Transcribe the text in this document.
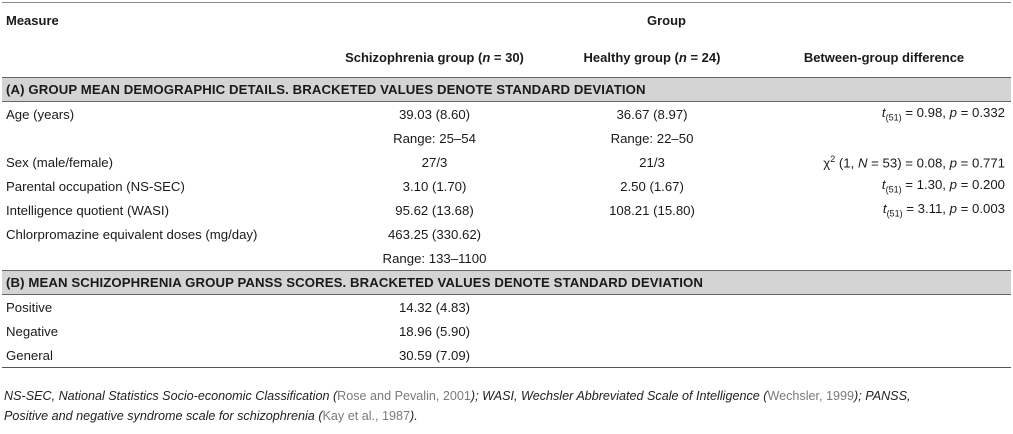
Measure	Group		
	Schizophrenia group (n = 30)	Healthy group (n = 24)	Between-group difference
(A) GROUP MEAN DEMOGRAPHIC DETAILS. BRACKETED VALUES DENOTE STANDARD DEVIATION			
Age (years)	39.03 (8.60)	36.67 (8.97)	$t_{(51)} = 0.98$, p = 0.332
	Range: 25–54	Range: 22–50	
Sex (male/female)	27/3	21/3	$\chi^2$ (1, N = 53) = 0.08, p = 0.771
Parental occupation (NS-SEC)	3.10 (1.70)	2.50 (1.67)	$t_{(51)} = 1.30$, p = 0.200
Intelligence quotient (WASI)	95.62 (13.68)	108.21 (15.80)	$t_{(51)} = 3.11$, p = 0.003
Chlorpromazine equivalent doses (mg/day)	463.25 (330.62)		
	Range: 133–1100		
(B) MEAN SCHIZOPHRENIA GROUP PANSS SCORES. BRACKETED VALUES DENOTE STANDARD DEVIATION			
Positive	14.32 (4.83)		
Negative	18.96 (5.90)		
General	30.59 (7.09)		
NS-SEC, National Statistics Socio-economic Classification (Rose and Pevalin, 2001); WASI, Wechsler Abbreviated Scale of Intelligence (Wechsler, 1999); PANSS,
Positive and negative syndrome scale for schizophrenia (Kay et al., 1987).
